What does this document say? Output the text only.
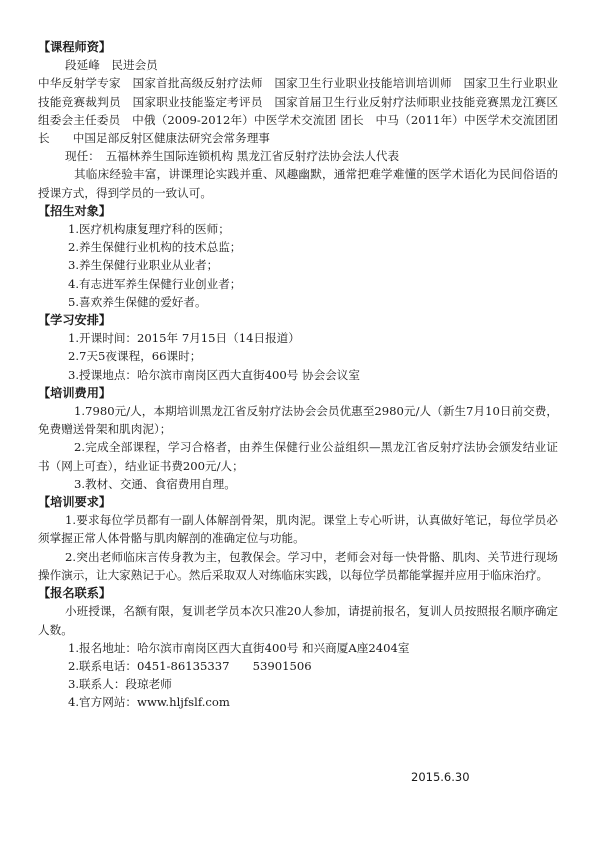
【课程师资】

段延峰　民进会员

中华反射学专家　国家首批高级反射疗法师　国家卫生行业职业技能培训培训师　国家卫生行业职业技能竞赛裁判员　国家职业技能鉴定考评员　国家首届卫生行业反射疗法师职业技能竞赛黑龙江赛区组委会主任委员　中俄（2009-2012年）中医学术交流团 团长　中马（2011年）中医学术交流团团长　　中国足部反射区健康法研究会常务理事

现任：　五福林养生国际连锁机构 黑龙江省反射疗法协会法人代表

其临床经验丰富，讲课理论实践并重、风趣幽默，通常把难学难懂的医学术语化为民间俗语的授课方式，得到学员的一致认可。

【招生对象】

1.医疗机构康复理疗科的医师；

2.养生保健行业机构的技术总监；

3.养生保健行业职业从业者；

4.有志进军养生保健行业创业者；

5.喜欢养生保健的爱好者。

【学习安排】

1.开课时间：2015年 7月15日（14日报道）

2.7天5夜课程，66课时；

3.授课地点：哈尔滨市南岗区西大直街400号 协会会议室

【培训费用】

1.7980元/人，本期培训黑龙江省反射疗法协会会员优惠至2980元/人（新生7月10日前交费，免费赠送骨架和肌肉泥）；

2.完成全部课程，学习合格者，由养生保健行业公益组织—黑龙江省反射疗法协会颁发结业证书（网上可查），结业证书费200元/人；

3.教材、交通、食宿费用自理。

【培训要求】

1.要求每位学员都有一副人体解剖骨架，肌肉泥。课堂上专心听讲，认真做好笔记，每位学员必须掌握正常人体骨骼与肌肉解剖的准确定位与功能。

2.突出老师临床言传身教为主，包教保会。学习中，老师会对每一快骨骼、肌肉、关节进行现场操作演示，让大家熟记于心。然后采取双人对练临床实践，以每位学员都能掌握并应用于临床治疗。

【报名联系】

小班授课，名额有限，复训老学员本次只准20人参加，请提前报名，复训人员按照报名顺序确定人数。

1.报名地址：哈尔滨市南岗区西大直街400号 和兴商厦A座2404室

2.联系电话：0451-86135337　　53901506

3.联系人：段琼老师

4.官方网站：www.hljfslf.com

2015.6.30
